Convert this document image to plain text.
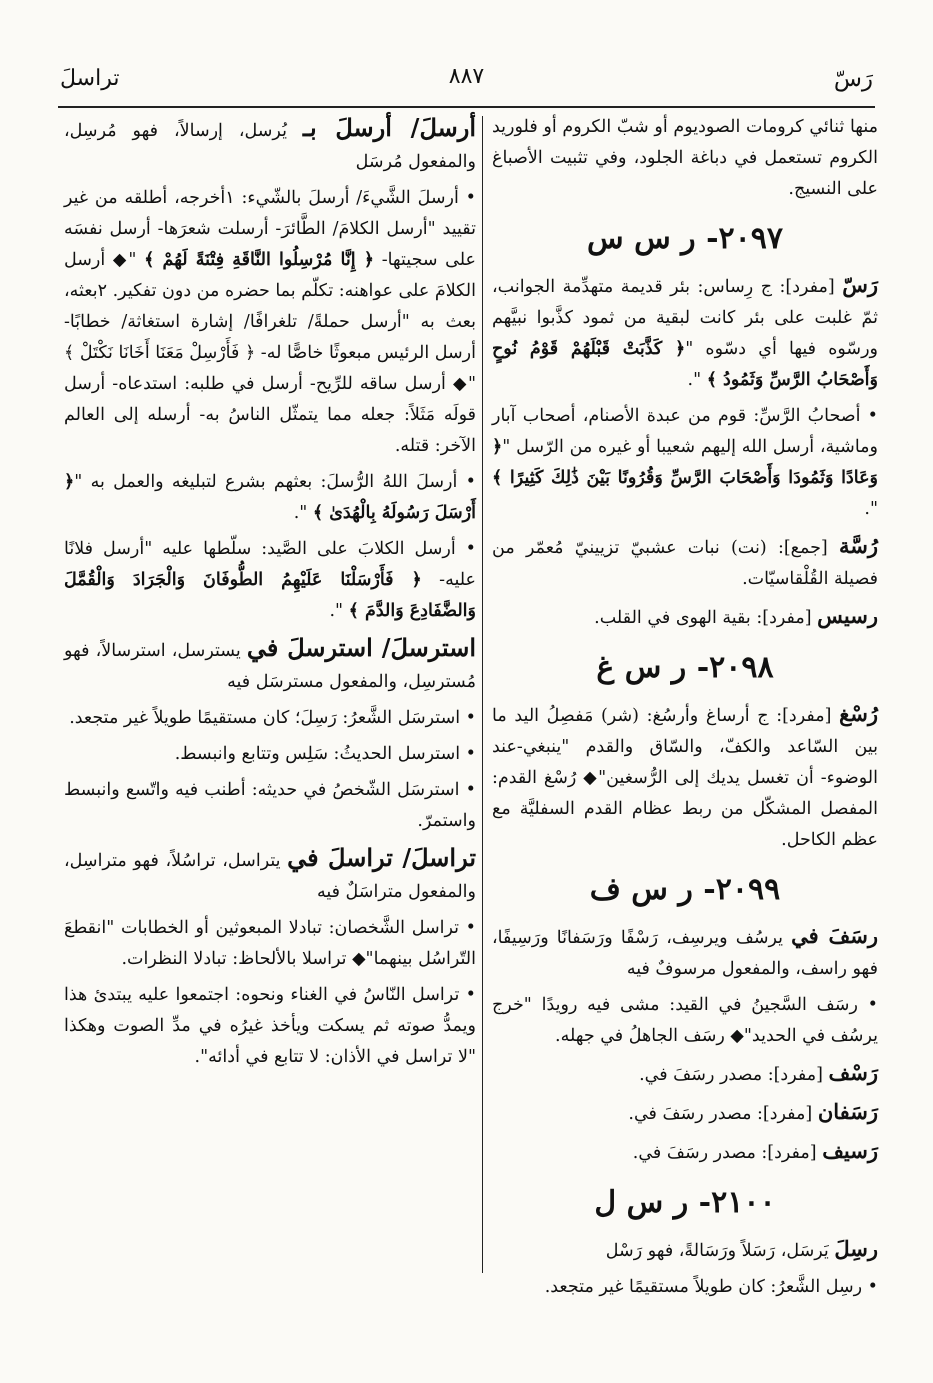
رَسّ
٨٨٧
تراسلَ

منها ثنائي كرومات الصوديوم أو شبّ الكروم أو فلوريد الكروم تستعمل في دباغة الجلود، وفي تثبيت الأصباغ على النسيج.

٢٠٩٧- ر س س

رَسّ [مفرد]: ج رِساس: بئر قديمة متهدِّمة الجوانب، ثمّ غلبت على بئر كانت لبقية من ثمود كذَّبوا نبيَّهم ورسّوه فيها أي دسّوه "﴿ كَذَّبَتْ قَبْلَهُمْ قَوْمُ نُوحٍ وَأَصْحَابُ الرَّسِّ وَثَمُودُ ﴾ ".

• أصحابُ الرَّسِّ: قوم من عبدة الأصنام، أصحاب آبار وماشية، أرسل الله إليهم شعيبا أو غيره من الرّسل "﴿ وَعَادًا وَثَمُودَا وَأَصْحَابَ الرَّسِّ وَقُرُونًا بَيْنَ ذَٰلِكَ كَثِيرًا ﴾ ".

رُسَّة [جمع]: (نت) نبات عشبيّ تزيينيّ مُعمّر من فصيلة القُلْقاسيّات.

رسيس [مفرد]: بقية الهوى في القلب.

٢٠٩٨- ر س غ

رُسْغ [مفرد]: ج أرساغ وأرسُغ: (شر) مَفصِلُ اليد ما بين السّاعد والكفّ، والسّاق والقدم "ينبغي-عند الوضوء- أن تغسل يديك إلى الرُّسغين"◆ رُسْغ القدم: المفصل المشكّل من ربط عظام القدم السفليَّة مع عظم الكاحل.

٢٠٩٩- ر س ف

رسَفَ في يرسُف ويرسِف، رَسْفًا ورَسَفانًا ورَسِيفًا، فهو راسف، والمفعول مرسوفٌ فيه

• رسَف السَّجينُ في القيد: مشى فيه رويدًا "خرج يرسُف في الحديد"◆ رسَف الجاهلُ في جهله.

رَسْف [مفرد]: مصدر رسَفَ في.

رَسَفان [مفرد]: مصدر رسَفَ في.

رَسيف [مفرد]: مصدر رسَفَ في.

٢١٠٠- ر س ل

رسِلَ يَرسَل، رَسَلاً ورَسَالةً، فهو رَسْل

• رسِل الشَّعرُ: كان طويلاً مستقيمًا غير متجعد.

أرسلَ/ أرسلَ بـ يُرسل، إرسالاً، فهو مُرسِل، والمفعول مُرسَل

• أرسلَ الشَّيءَ/ أرسلَ بالشّيء: ١أخرجه، أطلقه من غير تقييد "أرسل الكلامَ/ الطَّائرَ- أرسلت شعرَها- أرسل نفسَه على سجيتها- ﴿ إِنَّا مُرْسِلُوا النَّاقَةِ فِتْنَةً لَهُمْ ﴾ "◆ أرسل الكلامَ على عواهنه: تكلّم بما حضره من دون تفكير. ٢بعثه، بعث به "أرسل حملةً/ تلغرافًا/ إشارة استغاثة/ خطابًا- أرسل الرئيس مبعوثًا خاصًّا له- ﴿ فَأَرْسِلْ مَعَنَا أَخَانَا نَكْتَلْ ﴾ "◆ أرسل ساقه للرِّيح- أرسل في طلبه: استدعاه- أرسل قولَه مَثَلاً: جعله مما يتمثّل الناسُ به- أرسله إلى العالم الآخر: قتله.

• أرسلَ اللهُ الرُّسلَ: بعثهم بشرع لتبليغه والعمل به "﴿ أَرْسَلَ رَسُولَهُ بِالْهُدَىٰ ﴾ ".

• أرسل الكلابَ على الصَّيد: سلّطها عليه "أرسل فلانًا عليه- ﴿ فَأَرْسَلْنَا عَلَيْهِمُ الطُّوفَانَ وَالْجَرَادَ وَالْقُمَّلَ وَالضَّفَادِعَ وَالدَّمَ ﴾ ".

استرسلَ/ استرسلَ في يسترسل، استرسالاً، فهو مُسترسِل، والمفعول مسترسَل فيه

• استرسَل الشَّعرُ: رَسِلَ؛ كان مستقيمًا طويلاً غير متجعد.

• استرسل الحديثُ: سَلِس وتتابع وانبسط.

• استرسَل الشّخصُ في حديثه: أطنب فيه واتّسع وانبسط واستمرّ.

تراسلَ/ تراسلَ في يتراسل، تراسُلاً، فهو متراسِل، والمفعول متراسَلٌ فيه

• تراسل الشَّخصان: تبادلا المبعوثين أو الخطابات "انقطعَ التّراسُل بينهما"◆ تراسلا بالألحاظ: تبادلا النظرات.

• تراسل النّاسُ في الغناء ونحوه: اجتمعوا عليه يبتدئ هذا ويمدُّ صوته ثم يسكت ويأخذ غيرُه في مدِّ الصوت وهكذا "لا تراسل في الأذان: لا تتابع في أدائه".
